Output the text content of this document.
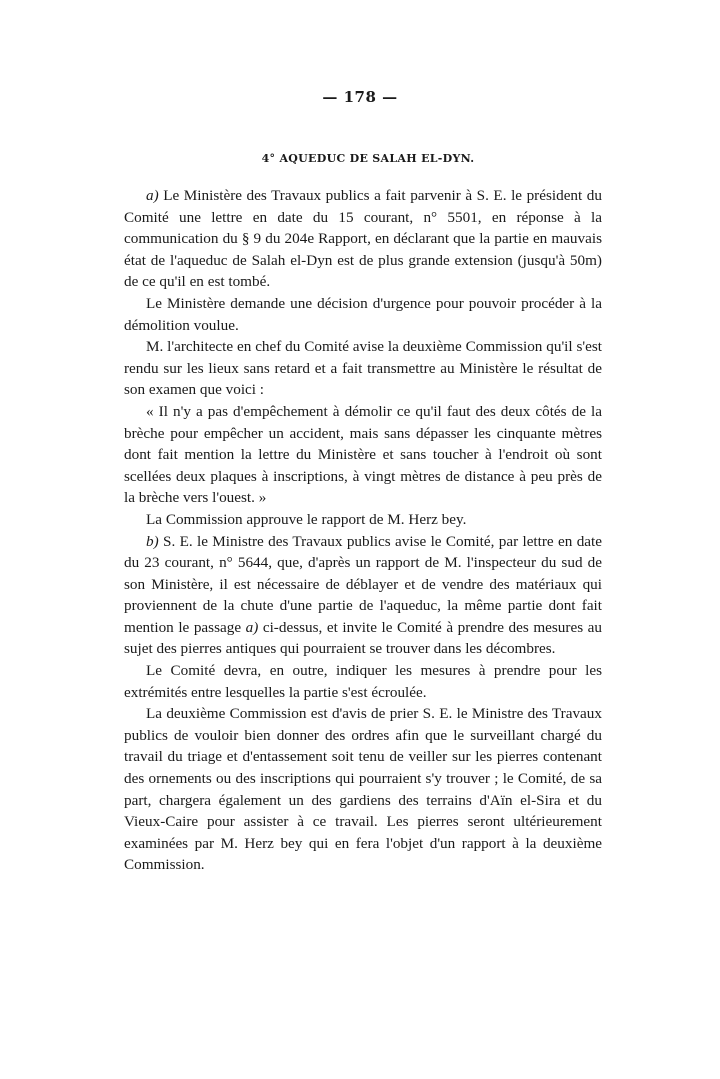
— 178 —
4° AQUEDUC DE SALAH EL-DYN.

a) Le Ministère des Travaux publics a fait parvenir à S. E. le président du Comité une lettre en date du 15 courant, n° 5501, en réponse à la communication du § 9 du 204e Rapport, en déclarant que la partie en mauvais état de l'aqueduc de Salah el-Dyn est de plus grande extension (jusqu'à 50m) de ce qu'il en est tombé.

Le Ministère demande une décision d'urgence pour pouvoir procéder à la démolition voulue.

M. l'architecte en chef du Comité avise la deuxième Commission qu'il s'est rendu sur les lieux sans retard et a fait transmettre au Ministère le résultat de son examen que voici :

« Il n'y a pas d'empêchement à démolir ce qu'il faut des deux côtés de la brèche pour empêcher un accident, mais sans dépasser les cinquante mètres dont fait mention la lettre du Ministère et sans toucher à l'endroit où sont scellées deux plaques à inscriptions, à vingt mètres de distance à peu près de la brèche vers l'ouest. »

La Commission approuve le rapport de M. Herz bey.

b) S. E. le Ministre des Travaux publics avise le Comité, par lettre en date du 23 courant, n° 5644, que, d'après un rapport de M. l'inspecteur du sud de son Ministère, il est nécessaire de déblayer et de vendre des matériaux qui proviennent de la chute d'une partie de l'aqueduc, la même partie dont fait mention le passage a) ci-dessus, et invite le Comité à prendre des mesures au sujet des pierres antiques qui pourraient se trouver dans les décombres.

Le Comité devra, en outre, indiquer les mesures à prendre pour les extrémités entre lesquelles la partie s'est écroulée.

La deuxième Commission est d'avis de prier S. E. le Ministre des Travaux publics de vouloir bien donner des ordres afin que le surveillant chargé du travail du triage et d'entassement soit tenu de veiller sur les pierres contenant des ornements ou des inscriptions qui pourraient s'y trouver ; le Comité, de sa part, chargera également un des gardiens des terrains d'Aïn el-Sira et du Vieux-Caire pour assister à ce travail. Les pierres seront ultérieurement examinées par M. Herz bey qui en fera l'objet d'un rapport à la deuxième Commission.
